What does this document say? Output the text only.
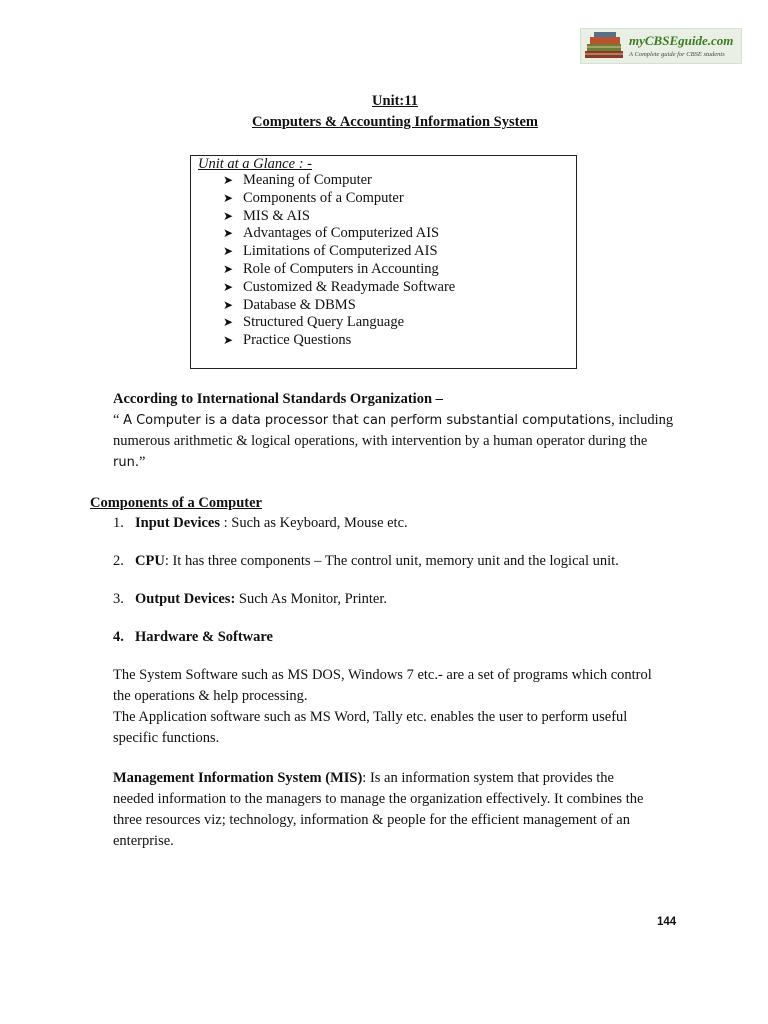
myCBSEguide.com
A Complete guide for CBSE students
Unit:11
Computers & Accounting Information System
Unit at a Glance : -
➤ Meaning of Computer
➤ Components of a Computer
➤ MIS & AIS
➤ Advantages of Computerized AIS
➤ Limitations of Computerized AIS
➤ Role of Computers in Accounting
➤ Customized & Readymade Software
➤ Database & DBMS
➤ Structured Query Language
➤ Practice Questions
According to International Standards Organization –
“ A Computer is a data processor that can perform substantial computations, including
numerous arithmetic & logical operations, with intervention by a human operator during the
run.”
Components of a Computer
1. Input Devices : Such as Keyboard, Mouse etc.
2. CPU: It has three components – The control unit, memory unit and the logical unit.
3. Output Devices: Such As Monitor, Printer.
4. Hardware & Software
The System Software such as MS DOS, Windows 7 etc.- are a set of programs which control
the operations & help processing.
The Application software such as MS Word, Tally etc. enables the user to perform useful
specific functions.
Management Information System (MIS): Is an information system that provides the
needed information to the managers to manage the organization effectively. It combines the
three resources viz; technology, information & people for the efficient management of an
enterprise.
144
